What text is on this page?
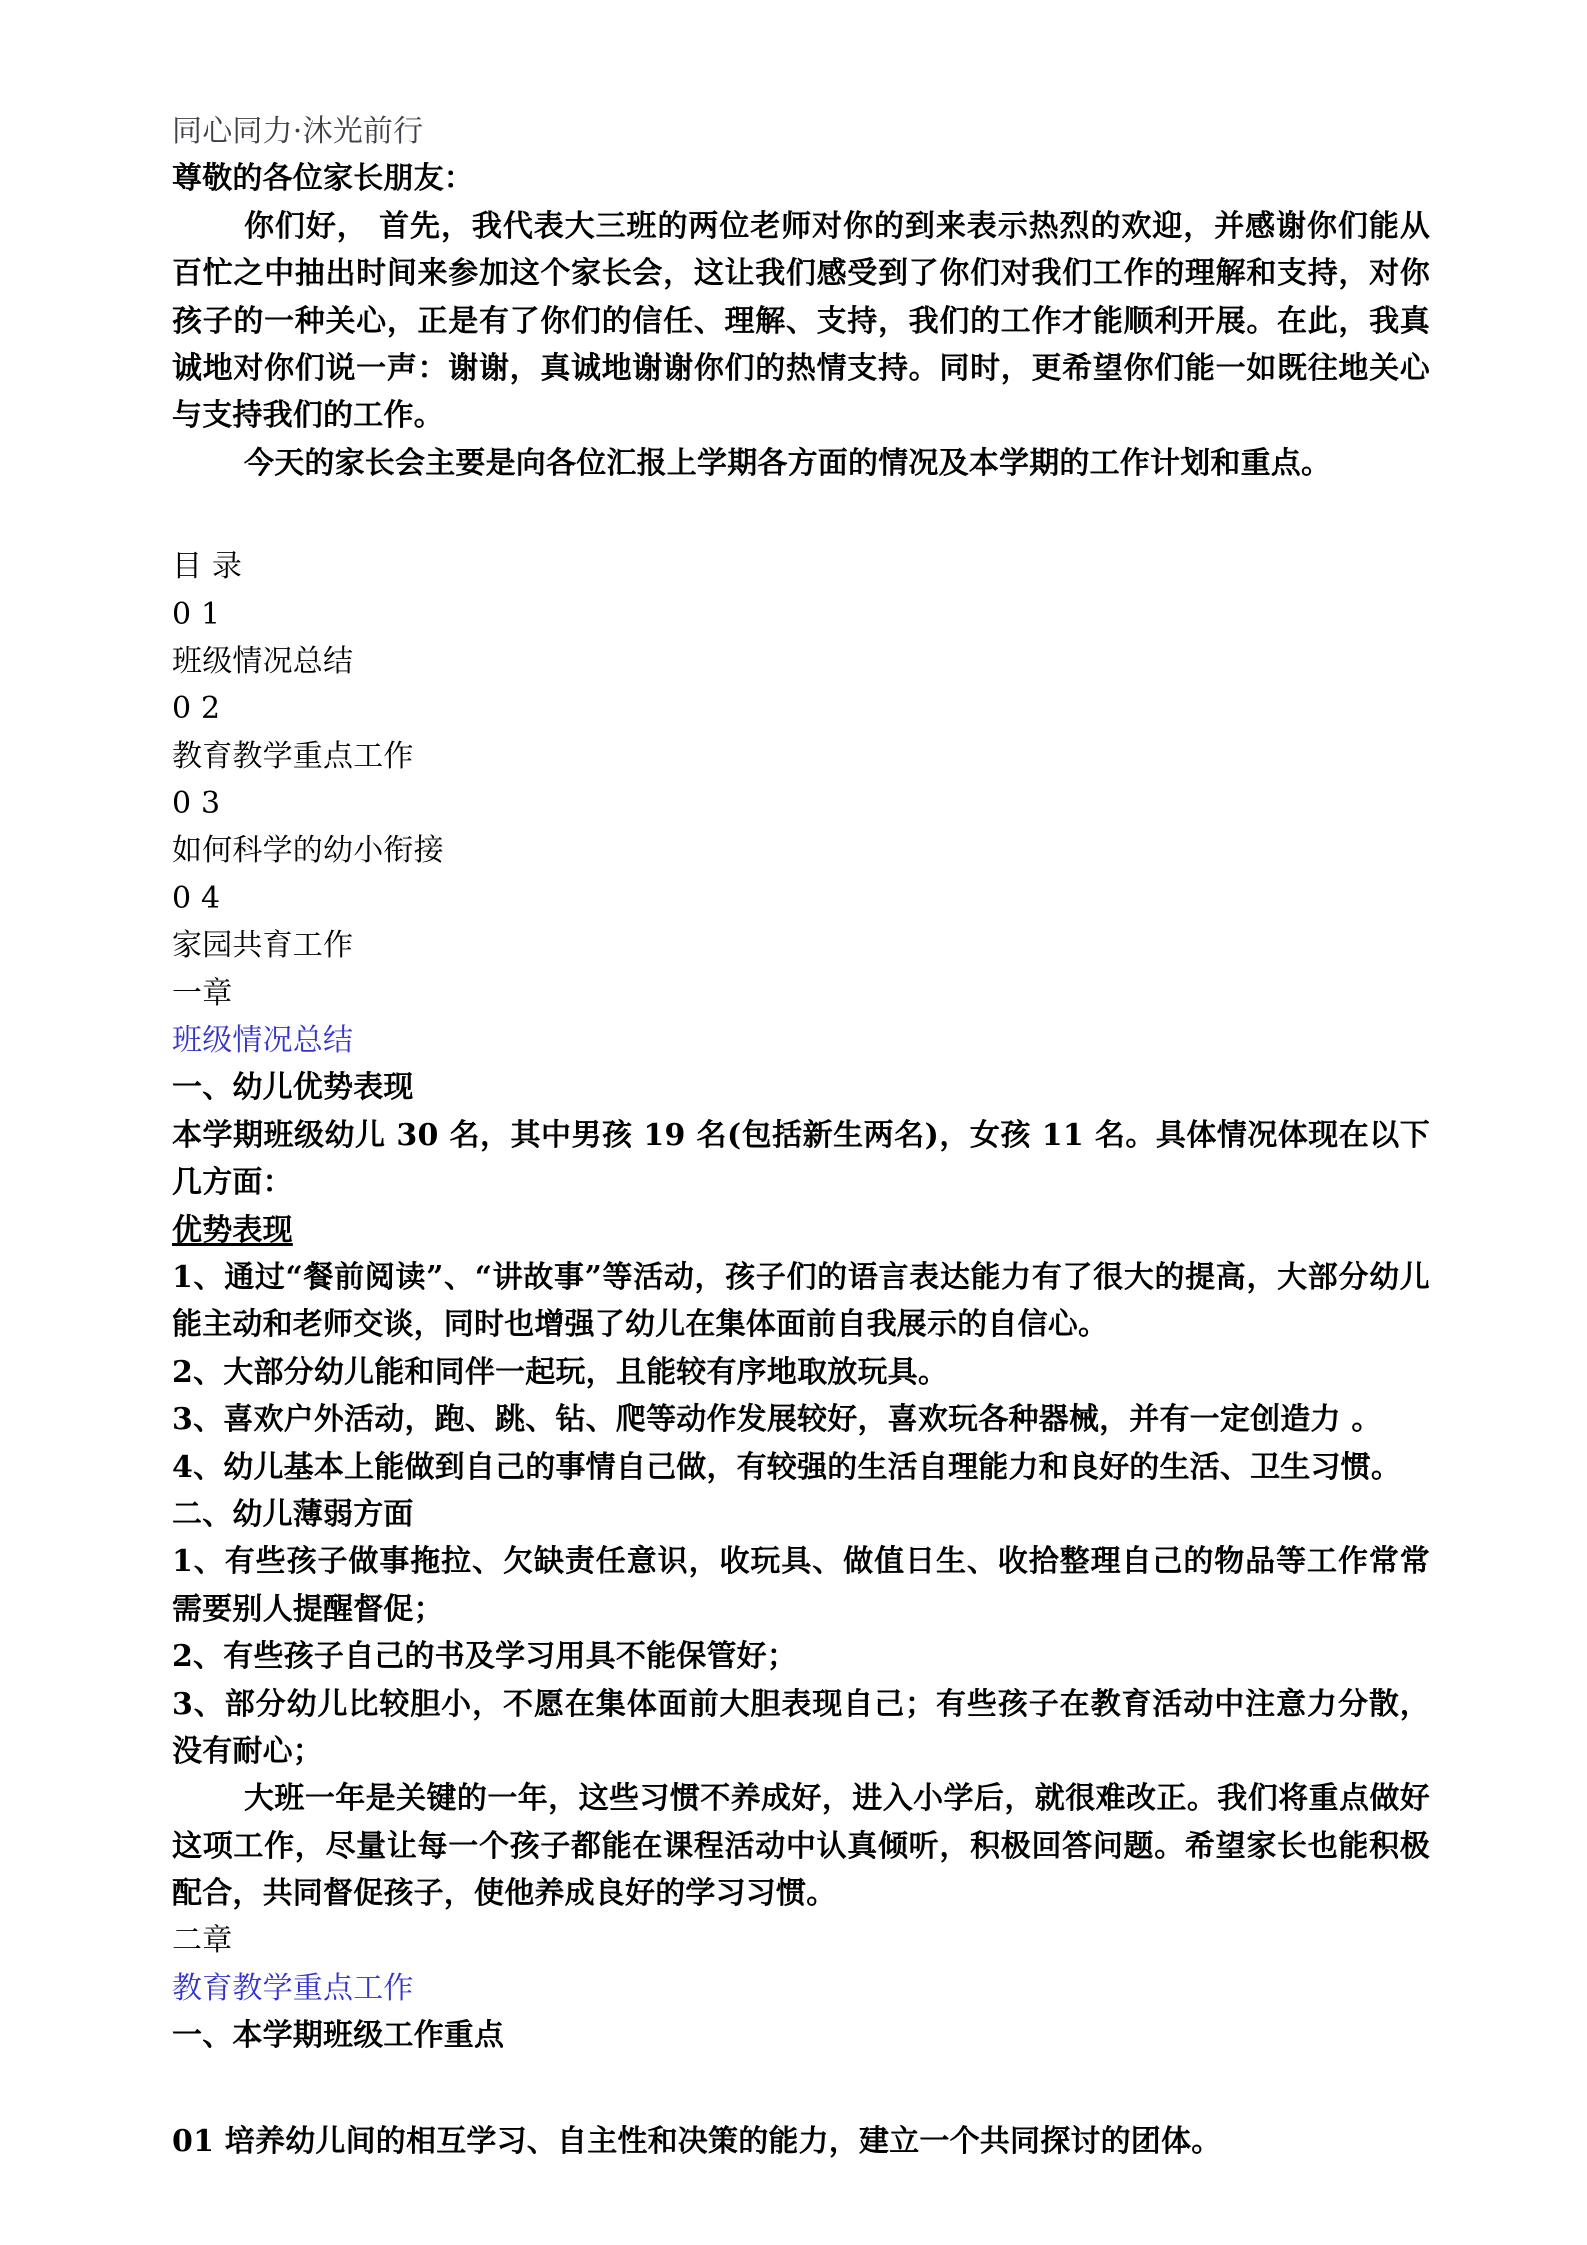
同心同力·沐光前行

尊敬的各位家长朋友：

你们好， 首先，我代表大三班的两位老师对你的到来表示热烈的欢迎，并感谢你们能从百忙之中抽出时间来参加这个家长会，这让我们感受到了你们对我们工作的理解和支持，对你孩子的一种关心，正是有了你们的信任、理解、支持，我们的工作才能顺利开展。在此，我真诚地对你们说一声：谢谢，真诚地谢谢你们的热情支持。同时，更希望你们能一如既往地关心与支持我们的工作。

今天的家长会主要是向各位汇报上学期各方面的情况及本学期的工作计划和重点。

目 录

0 1

班级情况总结

0 2

教育教学重点工作

0 3

如何科学的幼小衔接

0 4

家园共育工作

一章

班级情况总结

一、幼儿优势表现

本学期班级幼儿 30 名，其中男孩 19 名(包括新生两名)，女孩 11 名。具体情况体现在以下几方面：

优势表现

1、通过“餐前阅读”、“讲故事”等活动，孩子们的语言表达能力有了很大的提高，大部分幼儿能主动和老师交谈，同时也增强了幼儿在集体面前自我展示的自信心。

2、大部分幼儿能和同伴一起玩，且能较有序地取放玩具。

3、喜欢户外活动，跑、跳、钻、爬等动作发展较好，喜欢玩各种器械，并有一定创造力 。

4、幼儿基本上能做到自己的事情自己做，有较强的生活自理能力和良好的生活、卫生习惯。

二、幼儿薄弱方面

1、有些孩子做事拖拉、欠缺责任意识，收玩具、做值日生、收拾整理自己的物品等工作常常需要别人提醒督促；

2、有些孩子自己的书及学习用具不能保管好；

3、部分幼儿比较胆小，不愿在集体面前大胆表现自己；有些孩子在教育活动中注意力分散，没有耐心；

大班一年是关键的一年，这些习惯不养成好，进入小学后，就很难改正。我们将重点做好这项工作，尽量让每一个孩子都能在课程活动中认真倾听，积极回答问题。希望家长也能积极配合，共同督促孩子，使他养成良好的学习习惯。

二章

教育教学重点工作

一、本学期班级工作重点

01 培养幼儿间的相互学习、自主性和决策的能力，建立一个共同探讨的团体。
